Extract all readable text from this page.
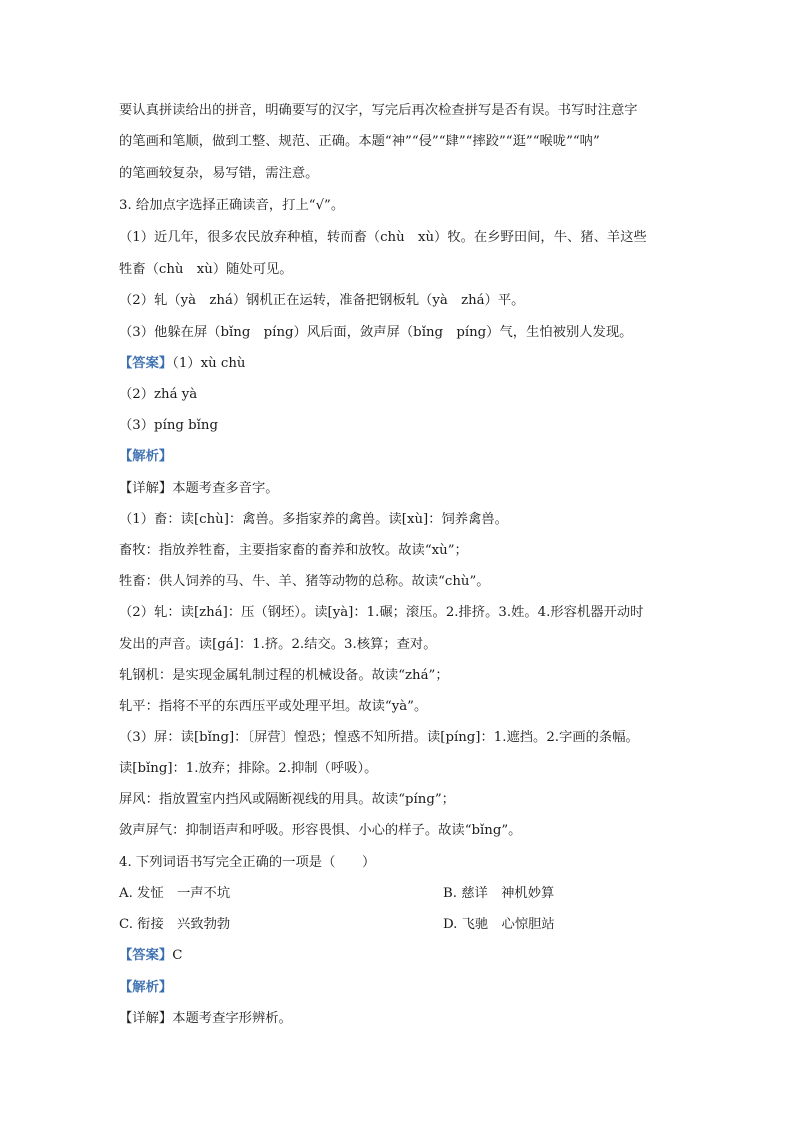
要认真拼读给出的拼音，明确要写的汉字，写完后再次检查拼写是否有误。书写时注意字
的笔画和笔顺，做到工整、规范、正确。本题“神”“侵”“肆”“摔跤”“逛”“喉咙”“呐”
的笔画较复杂，易写错，需注意。
3. 给加点字选择正确读音，打上“√”。
（1）近几年，很多农民放弃种植，转而畜（chù　xù）牧。在乡野田间，牛、猪、羊这些
牲畜（chù　xù）随处可见。
（2）轧（yà　zhá）钢机正在运转，准备把钢板轧（yà　zhá）平。
（3）他躲在屏（bǐng　píng）风后面，敛声屏（bǐng　píng）气，生怕被别人发现。
【答案】（1）xù chù
（2）zhá yà
（3）píng bǐng
【解析】
【详解】本题考查多音字。
（1）畜：读[chù]：禽兽。多指家养的禽兽。读[xù]：饲养禽兽。
畜牧：指放养牲畜，主要指家畜的畜养和放牧。故读“xù”；
牲畜：供人饲养的马、牛、羊、猪等动物的总称。故读“chù”。
（2）轧：读[zhá]：压（钢坯）。读[yà]：1.碾；滚压。2.排挤。3.姓。4.形容机器开动时
发出的声音。读[gá]：1.挤。2.结交。3.核算；查对。
轧钢机：是实现金属轧制过程的机械设备。故读“zhá”；
轧平：指将不平的东西压平或处理平坦。故读“yà”。
（3）屏：读[bǐng]：〔屏营〕惶恐；惶惑不知所措。读[píng]：1.遮挡。2.字画的条幅。
读[bǐng]：1.放弃；排除。2.抑制（呼吸）。
屏风：指放置室内挡风或隔断视线的用具。故读“píng”；
敛声屏气：抑制语声和呼吸。形容畏惧、小心的样子。故读“bǐng”。
4. 下列词语书写完全正确的一项是（　　）
A. 发怔　一声不坑	B. 慈详　神机妙算
C. 衔接　兴致勃勃	D. 飞驰　心惊胆站
【答案】C
【解析】
【详解】本题考查字形辨析。
